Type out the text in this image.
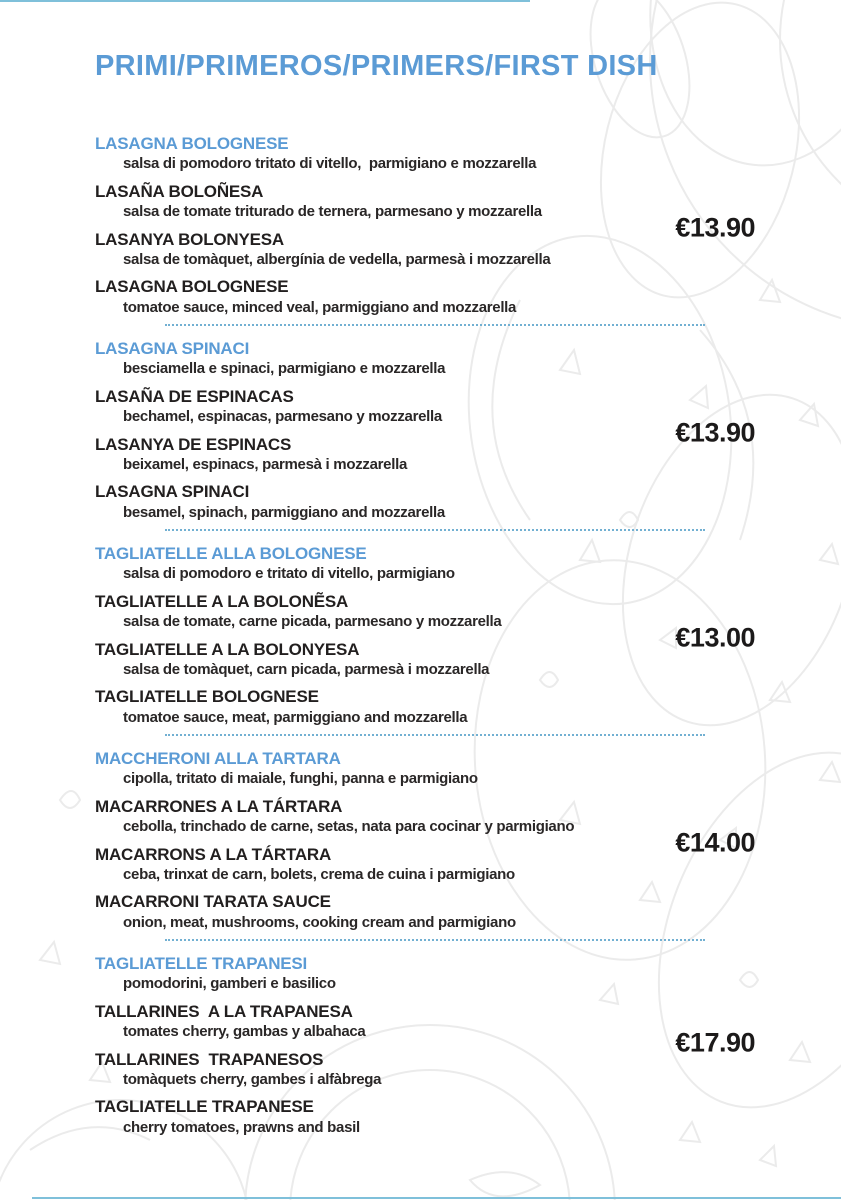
PRIMI/PRIMEROS/PRIMERS/FIRST DISH
LASAGNA BOLOGNESE
salsa di pomodoro tritato di vitello,  parmigiano e mozzarella
LASAÑA BOLOÑESA
salsa de tomate triturado de ternera, parmesano y mozzarella
LASANYA BOLONYESA
salsa de tomàquet, albergínia de vedella, parmesà i mozzarella
LASAGNA BOLOGNESE
tomatoe sauce, minced veal, parmiggiano and mozzarella
€13.90
LASAGNA SPINACI
besciamella e spinaci, parmigiano e mozzarella
LASAÑA DE ESPINACAS
bechamel, espinacas, parmesano y mozzarella
LASANYA DE ESPINACS
beixamel, espinacs, parmesà i mozzarella
LASAGNA SPINACI
besamel, spinach, parmiggiano and mozzarella
€13.90
TAGLIATELLE ALLA BOLOGNESE
salsa di pomodoro e tritato di vitello, parmigiano
TAGLIATELLE A LA BOLONẼSA
salsa de tomate, carne picada, parmesano y mozzarella
TAGLIATELLE A LA BOLONYESA
salsa de tomàquet, carn picada, parmesà i mozzarella
TAGLIATELLE BOLOGNESE
tomatoe sauce, meat, parmiggiano and mozzarella
€13.00
MACCHERONI ALLA TARTARA
cipolla, tritato di maiale, funghi, panna e parmigiano
MACARRONES A LA TÁRTARA
cebolla, trinchado de carne, setas, nata para cocinar y parmigiano
MACARRONS A LA TÁRTARA
ceba, trinxat de carn, bolets, crema de cuina i parmigiano
MACARRONI TARATA SAUCE
onion, meat, mushrooms, cooking cream and parmigiano
€14.00
TAGLIATELLE TRAPANESI
pomodorini, gamberi e basilico
TALLARINES  A LA TRAPANESA
tomates cherry, gambas y albahaca
TALLARINES  TRAPANESOS
tomàquets cherry, gambes i alfàbrega
TAGLIATELLE TRAPANESE
cherry tomatoes, prawns and basil
€17.90
